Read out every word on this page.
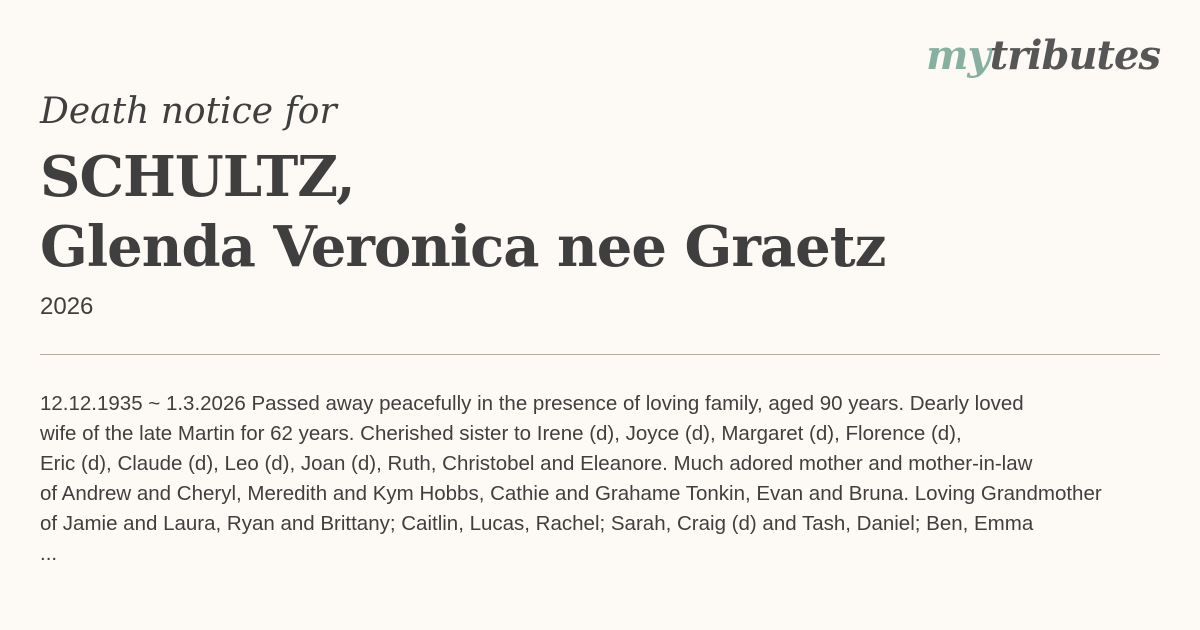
mytributes
Death notice for
SCHULTZ,
Glenda Veronica nee Graetz
2026
12.12.1935 ~ 1.3.2026 Passed away peacefully in the presence of loving family, aged 90 years. Dearly loved
wife of the late Martin for 62 years. Cherished sister to Irene (d), Joyce (d), Margaret (d), Florence (d),
Eric (d), Claude (d), Leo (d), Joan (d), Ruth, Christobel and Eleanore. Much adored mother and mother-in-law
of Andrew and Cheryl, Meredith and Kym Hobbs, Cathie and Grahame Tonkin, Evan and Bruna. Loving Grandmother
of Jamie and Laura, Ryan and Brittany; Caitlin, Lucas, Rachel; Sarah, Craig (d) and Tash, Daniel; Ben, Emma
...
